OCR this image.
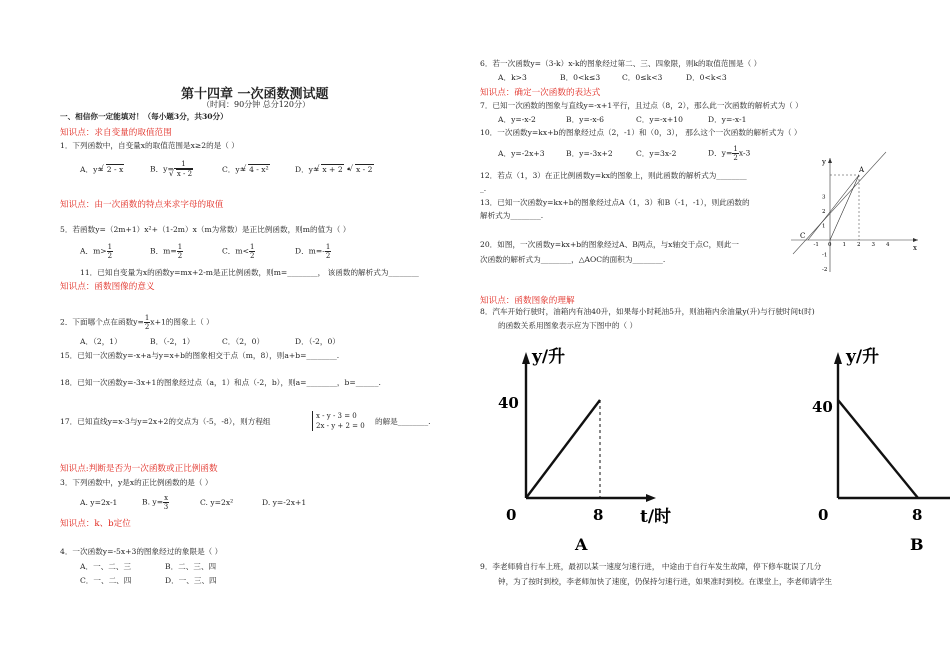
第十四章 一次函数测试题
（时间：90分钟 总分120分）
一、相信你一定能填对！（每小题3分，共30分）
知识点：求自变量的取值范围
1．下列函数中，自变量x的取值范围是x≥2的是（ ）
A．y= √ 2 - x	B．y= 1
√ x - 2	C．y= √ 4 - x²	D．y= √ x + 2 • √ x - 2
知识点：由一次函数的特点来求字母的取值
5．若函数y=（2m+1）x²+（1-2m）x（m为常数）是正比例函数，则m的值为（ ）
A．$m> \frac{1}{2}$	B．$m= \frac{1}{2}$	C．$m< \frac{1}{2}$	D．$m=- \frac{1}{2}$
11．已知自变量为x的函数y=mx+2-m是正比例函数，则m=________， 该函数的解析式为________
知识点：函数图像的意义
2．下面哪个点在函数$y= \frac{1}{2} x+1$的图象上（ ）
A．（2，1）	B．（-2，1）	C．（2，0）	D．（-2，0）
15．已知一次函数y=-x+a与y=x+b的图象相交于点（m，8），则a+b=________.
18．已知一次函数y=-3x+1的图象经过点（a，1）和点（-2，b），则a=________，b=______.
17．已知直线y=x-3与y=2x+2的交点为（-5，-8），则方程组
x - y - 3 = 0
2x - y + 2 = 0 的解是________.
知识点:判断是否为一次函数或正比例函数
3．下列函数中，y是x的正比例函数的是（ ）
A. y=2x-1	B. $y= \frac{x}{3}$	C. y=2x²	D. y=-2x+1
知识点：k、b定位
4．一次函数y=-5x+3的图象经过的象限是（ ）
A．一、二、三	B．二、三、四
C．一、二、四	D．一、三、四
6．若一次函数y=（3-k）x-k的图象经过第二、三、四象限，则k的取值范围是（ ）
A．k>3	B．0<k≤3	C．0≤k<3	D．0<k<3
知识点：确定一次函数的表达式
7．已知一次函数的图象与直线y=-x+1平行，且过点（8，2），那么此一次函数的解析式为（ ）
A．y=-x-2	B．y=-x-6	C．y=-x+10	D．y=-x-1
10．一次函数y=kx+b的图象经过点（2，-1）和（0，3）， 那么这个一次函数的解析式为（ ）
A．y=-2x+3	B．y=-3x+2	C．y=3x-2	D．$y= \frac{1}{2} x-3$
12．若点（1，3）在正比例函数y=kx的图象上，则此函数的解析式为________
_.
13．已知一次函数y=kx+b的图象经过点A（1，3）和B（-1，-1），则此函数的
解析式为________.
20．如图，一次函数y=kx+b的图象经过A、B两点，与x轴交于点C，则此一
次函数的解析式为________，△AOC的面积为________.
y
x
A
C
-1 0 1 2 3 4
3
2
1
-1
-2
知识点：函数图象的理解
8．汽车开始行驶时，油箱内有油40升，如果每小时耗油5升，则油箱内余油量y(升)与行驶时间t(时)
的函数关系用图象表示应为下图中的（ ）
y/升
40
0	8 t/时
A
y/升
40
0	8
B
9．李老师骑自行车上班，最初以某一速度匀速行进， 中途由于自行车发生故障，停下修车耽误了几分
钟，为了按时到校，李老师加快了速度，仍保持匀速行进，如果准时到校。在课堂上，李老师请学生
